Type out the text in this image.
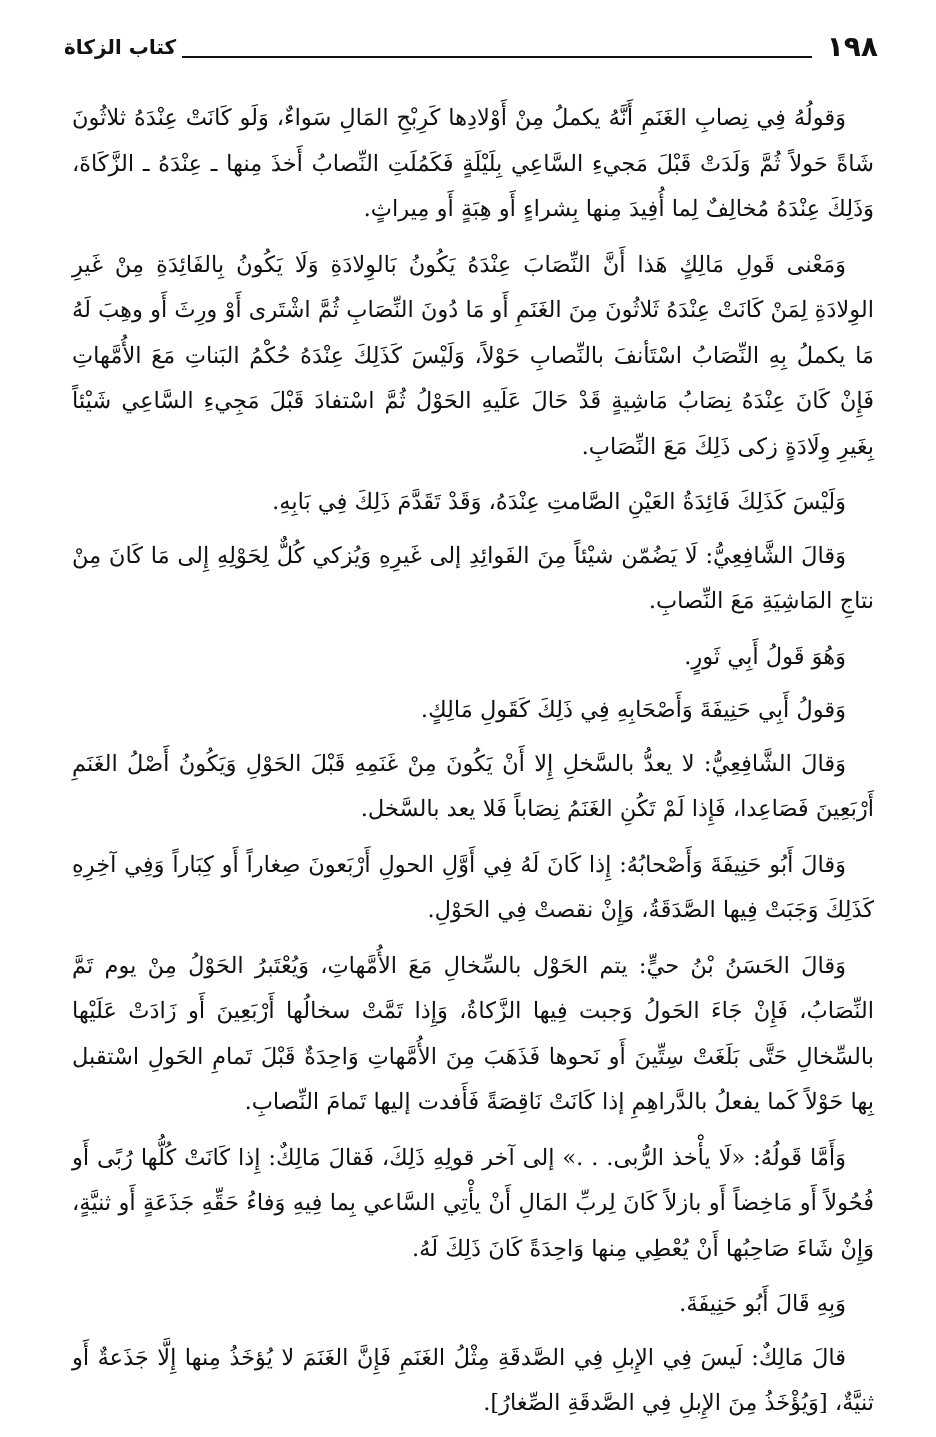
١٩٨
كتاب الزكاة

وَقولُهُ فِي نِصابِ الغَنَمِ أَنَّهُ يكملُ مِنْ أَوْلادِها كَرِبْحِ المَالِ سَواءٌ، وَلَو كَانَتْ عِنْدَهُ ثلاثُونَ شَاةً حَولاً ثُمَّ وَلَدَتْ قَبْلَ مَجيءِ السَّاعِي بِلَيْلَةٍ فَكَمُلَتِ النِّصابُ أَخذَ مِنها ـ عِنْدَهُ ـ الزَّكَاةَ، وَذَلِكَ عِنْدَهُ مُخالِفٌ لِما أُفِيدَ مِنها بِشراءٍ أَو هِبَةٍ أَو مِيراثٍ.

وَمَعْنى قَولِ مَالِكٍ هَذا أَنَّ النِّصَابَ عِنْدَهُ يَكُونُ بَالوِلادَةِ وَلَا يَكُونُ بِالفَائِدَةِ مِنْ غَيرِ الوِلادَةِ لِمَنْ كَانَتْ عِنْدَهُ ثَلاثُونَ مِنَ الغَنَمِ أَو مَا دُونَ النِّصَابِ ثُمَّ اشْتَرى أَوْ ورِثَ أَو وهِبَ لَهُ مَا يكملُ بِهِ النِّصَابُ اسْتَأنفَ بالنِّصابِ حَوْلاً، وَلَيْسَ كَذَلِكَ عِنْدَهُ حُكْمُ البَناتِ مَعَ الأُمَّهاتِ فَإِنْ كَانَ عِنْدَهُ نِصَابُ مَاشِيةٍ قَدْ حَالَ عَلَيهِ الحَوْلُ ثُمَّ اسْتفادَ قَبْلَ مَجِيءِ السَّاعِي شَيْئاً بِغَيرِ وِلَادَةٍ زكى ذَلِكَ مَعَ النِّصَابِ.

وَلَيْسَ كَذَلِكَ فَائِدَةُ العَيْنِ الصَّامتِ عِنْدَهُ، وَقَدْ تَقَدَّمَ ذَلِكَ فِي بَابِهِ.

وَقالَ الشَّافِعِيُّ: لَا يَضُمّن شيْئاً مِنَ الفَوائِدِ إلى غَيرِهِ وَيُزكي كُلٌّ لِحَوْلِهِ إِلى مَا كَانَ مِنْ نتاجِ المَاشِيَةِ مَعَ النِّصابِ.

وَهُوَ قَولُ أَبِي ثَورٍ.

وَقولُ أَبِي حَنِيفَةَ وَأَصْحَابِهِ فِي ذَلِكَ كَقَولِ مَالِكٍ.

وَقالَ الشَّافِعِيُّ: لا يعدُّ بالسَّخلِ إِلا أَنْ يَكُونَ مِنْ غَنَمِهِ قَبْلَ الحَوْلِ وَيَكُونُ أَصْلُ الغَنَمِ أَرْبَعِينَ فَصَاعِدا، فَإِذا لَمْ تَكُنِ الغَنَمُ نِصَاباً فَلا يعد بالسَّخل.

وَقالَ أَبُو حَنِيفَةَ وَأَصْحابُهُ: إِذا كَانَ لَهُ فِي أَوَّلِ الحولِ أَرْبَعونَ صِغاراً أَو كِبَاراً وَفِي آخِرِهِ كَذَلِكَ وَجَبَتْ فِيها الصَّدَقَةُ، وَإِنْ نقصتْ فِي الحَوْلِ.

وَقالَ الحَسَنُ بْنُ حيٍّ: يتم الحَوْل بالسِّخالِ مَعَ الأُمَّهاتِ، وَيُعْتَبرُ الحَوْلُ مِنْ يوم تَمَّ النِّصَابُ، فَإِنْ جَاءَ الحَولُ وَجبت فِيها الزَّكاةُ، وَإِذا تَمَّتْ سخالُها أَرْبَعِينَ أَو زَادَتْ عَلَيْها بالسِّخالِ حَتَّى بَلَغَتْ سِتِّينَ أَو نَحوها فَذَهَبَ مِنَ الأُمَّهاتِ وَاحِدَةٌ قَبْلَ تَمامِ الحَولِ اسْتقبل بِها حَوْلاً كَما يفعلُ بالدَّراهِمِ إذا كَانَتْ نَاقِصَةً فَأَفدت إليها تَمامَ النِّصابِ.

وَأَمَّا قَولُهُ: «لَا يأْخذ الرُّبى. . .» إلى آخر قولِهِ ذَلِكَ، فَقالَ مَالِكٌ: إِذا كَانَتْ كُلُّها رُبًى أَو فُحُولاً أَو مَاخِضاً أَو بازلاً كَانَ لِربِّ المَالِ أَنْ يأْتِي السَّاعي بِما فِيهِ وَفاءُ حَقِّهِ جَذَعَةٍ أَو ثنيَّةٍ، وَإِنْ شَاءَ صَاحِبُها أَنْ يُعْطِي مِنها وَاحِدَةً كَانَ ذَلِكَ لَهُ.

وَبِهِ قَالَ أَبُو حَنِيفَةَ.

قالَ مَالِكٌ: لَيسَ فِي الإِبلِ فِي الصَّدقَةِ مِثْلُ الغَنَمِ فَإِنَّ الغَنَمَ لا يُؤخَذُ مِنها إِلَّا جَذَعةٌ أَو ثنيَّةٌ، [وَيُؤْخَذُ مِنَ الإِبلِ فِي الصَّدقَةِ الصِّغارُ].
